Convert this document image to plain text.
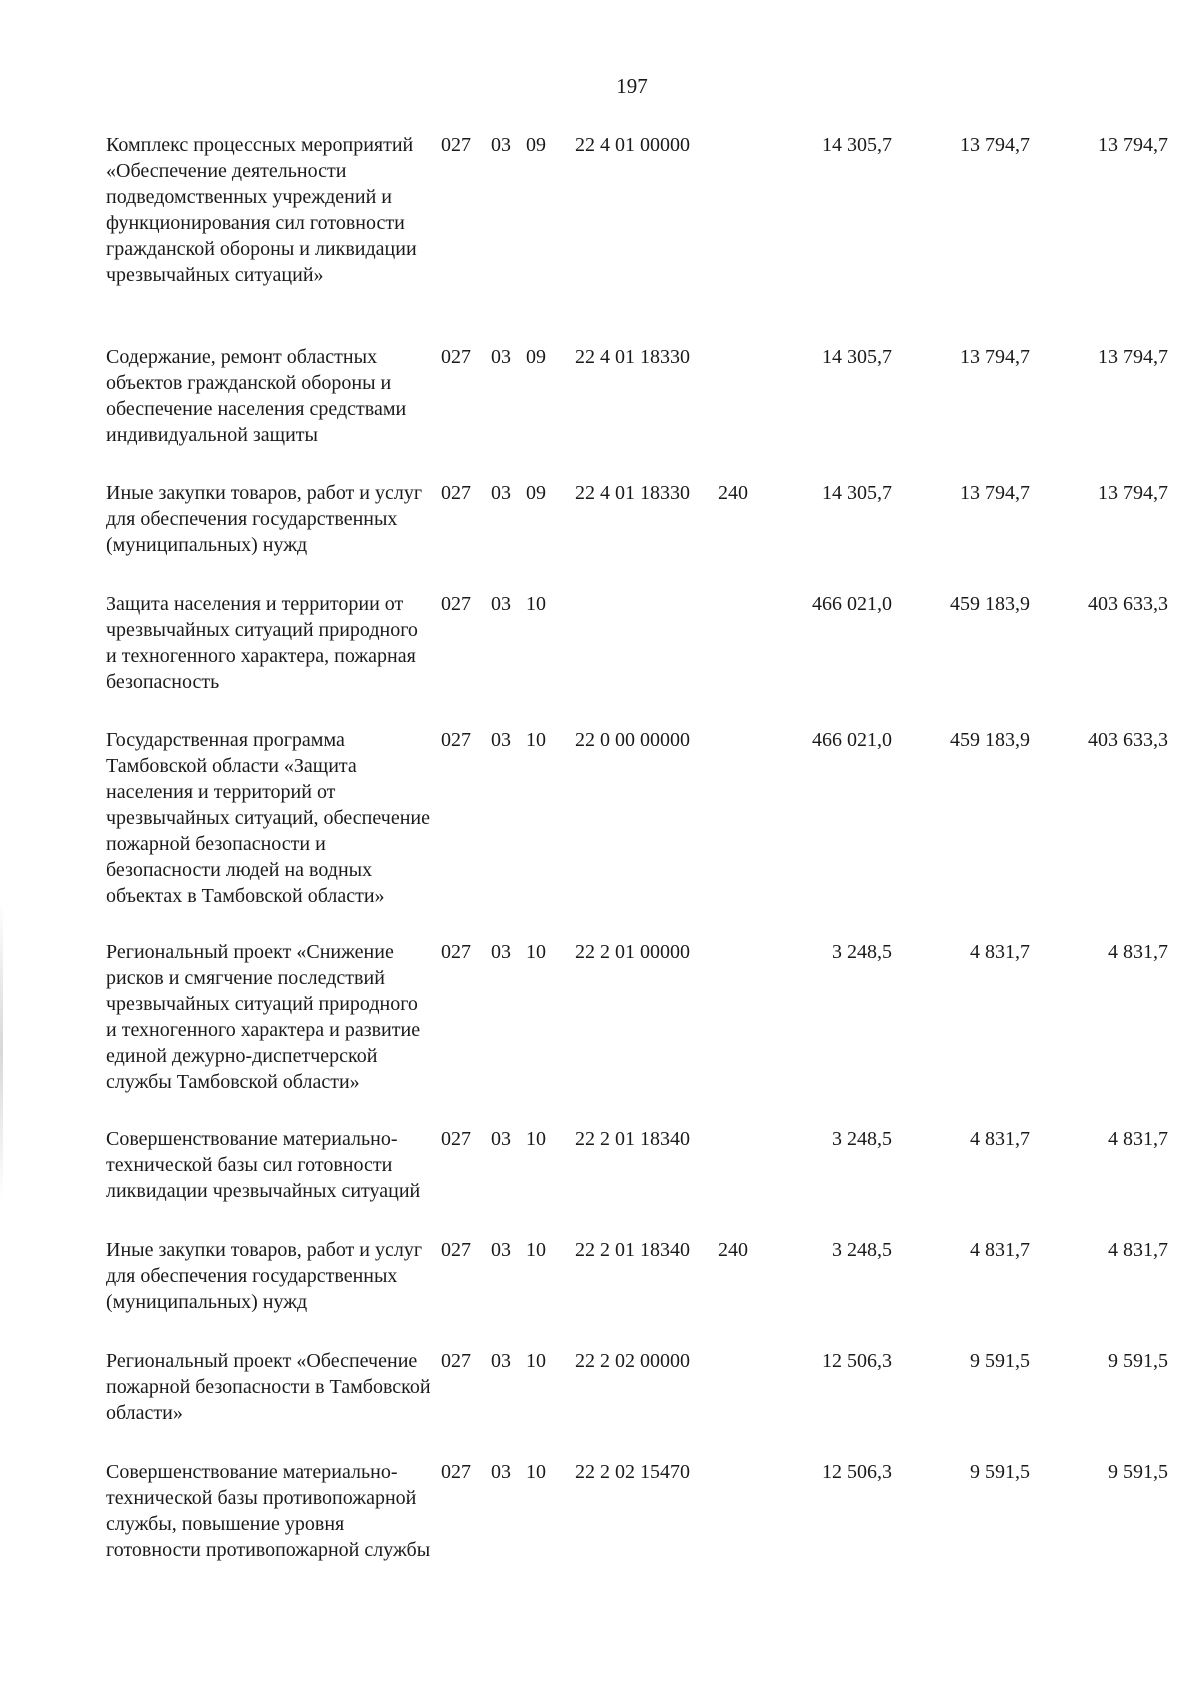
197
Комплекс процессных мероприятий «Обеспечение деятельности подведомственных учреждений и функционирования сил готовности гражданской обороны и ликвидации чрезвычайных ситуаций»
027 03 09 22 4 01 00000	14 305,7	13 794,7	13 794,7
Содержание, ремонт областных объектов гражданской обороны и обеспечение населения средствами индивидуальной защиты
027 03 09 22 4 01 18330	14 305,7	13 794,7	13 794,7
Иные закупки товаров, работ и услуг для обеспечения государственных (муниципальных) нужд
027 03 09 22 4 01 18330 240	14 305,7	13 794,7	13 794,7
Защита населения и территории от чрезвычайных ситуаций природного и техногенного характера, пожарная безопасность
027 03 10	466 021,0	459 183,9	403 633,3
Государственная программа Тамбовской области «Защита населения и территорий от чрезвычайных ситуаций, обеспечение пожарной безопасности и безопасности людей на водных объектах в Тамбовской области»
027 03 10 22 0 00 00000	466 021,0	459 183,9	403 633,3
Региональный проект «Снижение рисков и смягчение последствий чрезвычайных ситуаций природного и техногенного характера и развитие единой дежурно-диспетчерской службы Тамбовской области»
027 03 10 22 2 01 00000	3 248,5	4 831,7	4 831,7
Совершенствование материально-технической базы сил готовности ликвидации чрезвычайных ситуаций
027 03 10 22 2 01 18340	3 248,5	4 831,7	4 831,7
Иные закупки товаров, работ и услуг для обеспечения государственных (муниципальных) нужд
027 03 10 22 2 01 18340 240	3 248,5	4 831,7	4 831,7
Региональный проект «Обеспечение пожарной безопасности в Тамбовской области»
027 03 10 22 2 02 00000	12 506,3	9 591,5	9 591,5
Совершенствование материально-технической базы противопожарной службы, повышение уровня готовности противопожарной службы
027 03 10 22 2 02 15470	12 506,3	9 591,5	9 591,5
